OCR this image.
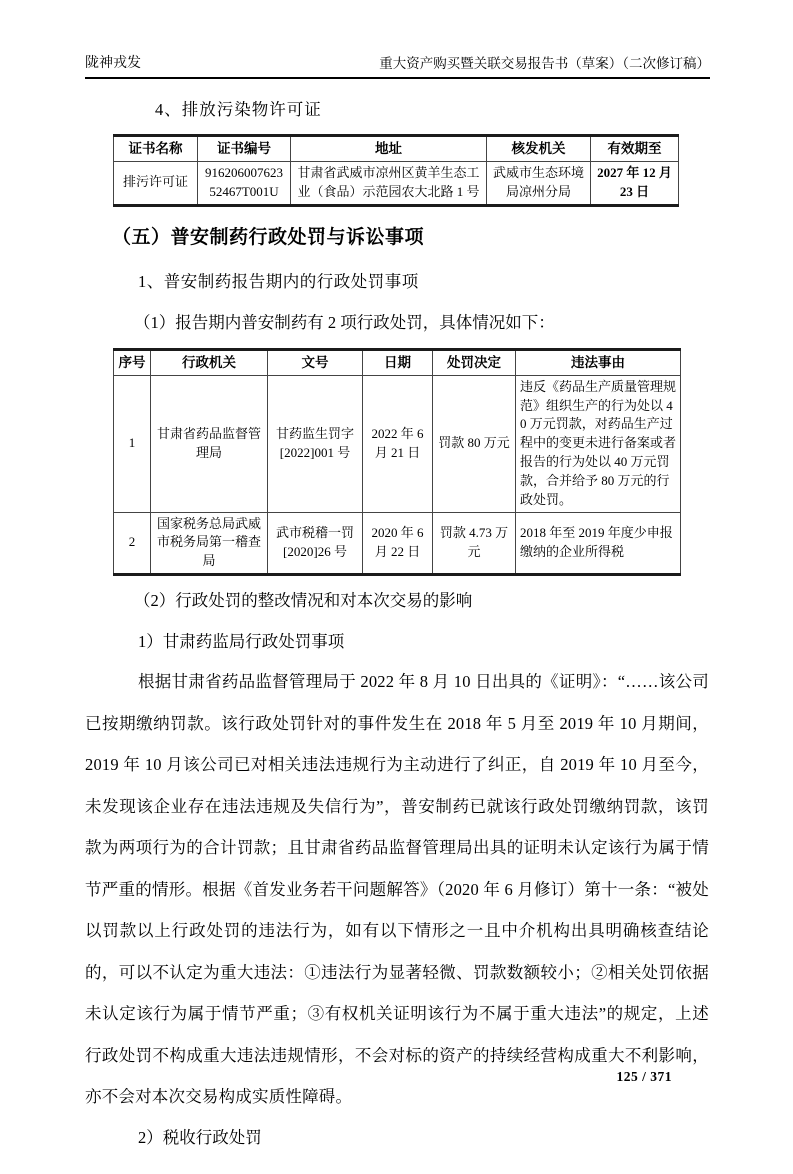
陇神戎发	重大资产购买暨关联交易报告书（草案）（二次修订稿）
4、排放污染物许可证
证书名称	证书编号	地址	核发机关	有效期至
排污许可证	91620600762352467T001U	甘肃省武威市凉州区黄羊生态工业（食品）示范园农大北路 1 号	武威市生态环境局凉州分局	2027 年 12 月 23 日
（五）普安制药行政处罚与诉讼事项
1、普安制药报告期内的行政处罚事项
（1）报告期内普安制药有 2 项行政处罚，具体情况如下：
序号	行政机关	文号	日期	处罚决定	违法事由
1	甘肃省药品监督管理局	甘药监生罚字[2022]001 号	2022 年 6 月 21 日	罚款 80 万元	违反《药品生产质量管理规范》组织生产的行为处以 40 万元罚款，对药品生产过程中的变更未进行备案或者报告的行为处以 40 万元罚款，合并给予 80 万元的行政处罚。
2	国家税务总局武威市税务局第一稽查局	武市税稽一罚[2020]26 号	2020 年 6 月 22 日	罚款 4.73 万元	2018 年至 2019 年度少申报缴纳的企业所得税
（2）行政处罚的整改情况和对本次交易的影响
1）甘肃药监局行政处罚事项

根据甘肃省药品监督管理局于 2022 年 8 月 10 日出具的《证明》：“……该公司已按期缴纳罚款。该行政处罚针对的事件发生在 2018 年 5 月至 2019 年 10 月期间，2019 年 10 月该公司已对相关违法违规行为主动进行了纠正，自 2019 年 10 月至今，未发现该企业存在违法违规及失信行为”，普安制药已就该行政处罚缴纳罚款，该罚款为两项行为的合计罚款；且甘肃省药品监督管理局出具的证明未认定该行为属于情节严重的情形。根据《首发业务若干问题解答》（2020 年 6 月修订）第十一条：“被处以罚款以上行政处罚的违法行为，如有以下情形之一且中介机构出具明确核查结论的，可以不认定为重大违法：①违法行为显著轻微、罚款数额较小；②相关处罚依据未认定该行为属于情节严重；③有权机关证明该行为不属于重大违法”的规定，上述行政处罚不构成重大违法违规情形，不会对标的资产的持续经营构成重大不利影响，亦不会对本次交易构成实质性障碍。

2）税收行政处罚
125 / 371
